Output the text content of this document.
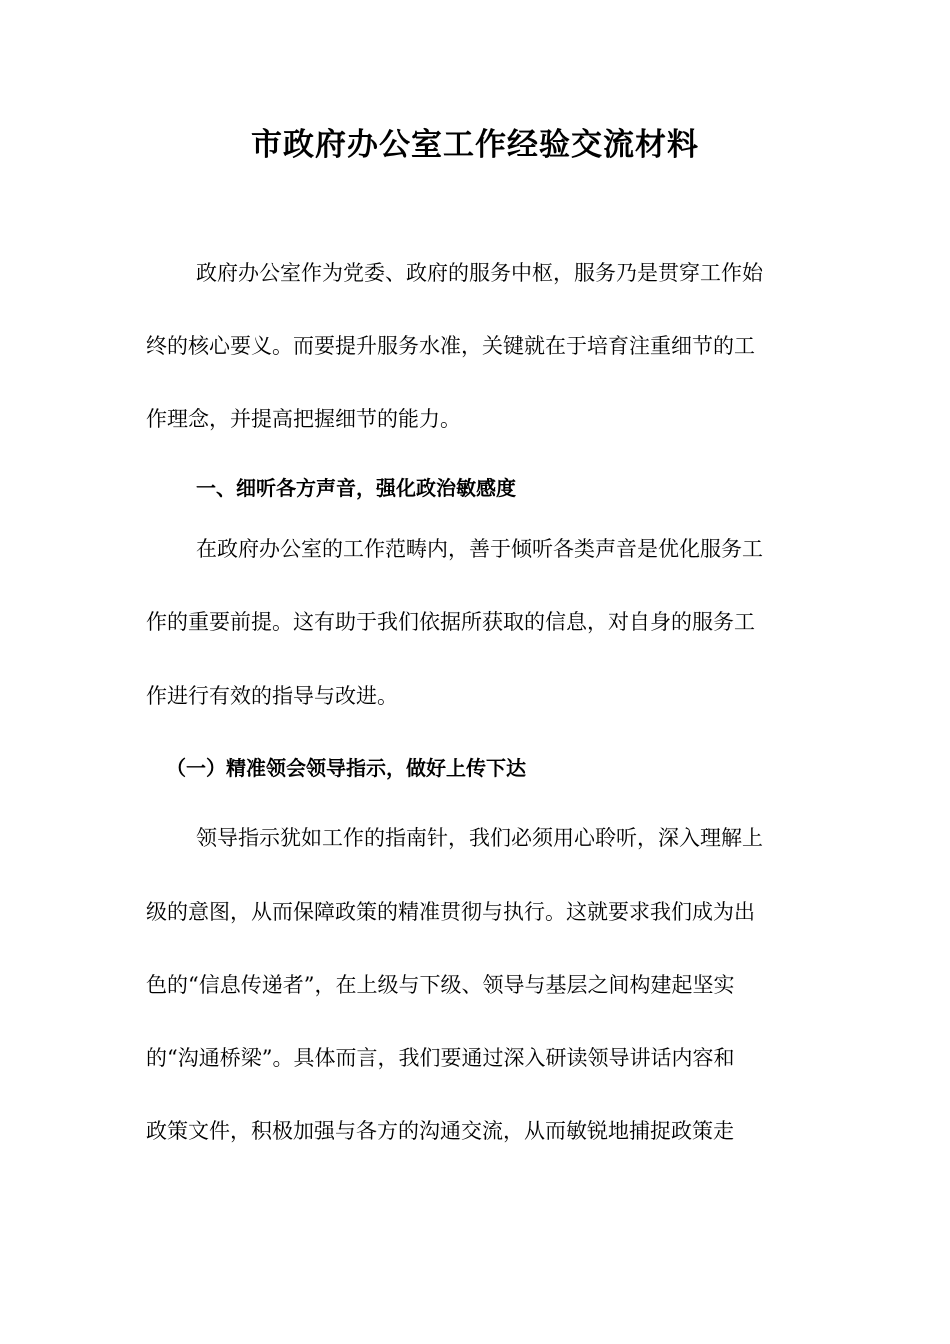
市政府办公室工作经验交流材料

政府办公室作为党委、政府的服务中枢，服务乃是贯穿工作始

终的核心要义。而要提升服务水准，关键就在于培育注重细节的工

作理念，并提高把握细节的能力。

一、细听各方声音，强化政治敏感度

在政府办公室的工作范畴内，善于倾听各类声音是优化服务工

作的重要前提。这有助于我们依据所获取的信息，对自身的服务工

作进行有效的指导与改进。

（一）精准领会领导指示，做好上传下达

领导指示犹如工作的指南针，我们必须用心聆听，深入理解上

级的意图，从而保障政策的精准贯彻与执行。这就要求我们成为出

色的“信息传递者”，在上级与下级、领导与基层之间构建起坚实

的“沟通桥梁”。具体而言，我们要通过深入研读领导讲话内容和

政策文件，积极加强与各方的沟通交流，从而敏锐地捕捉政策走
